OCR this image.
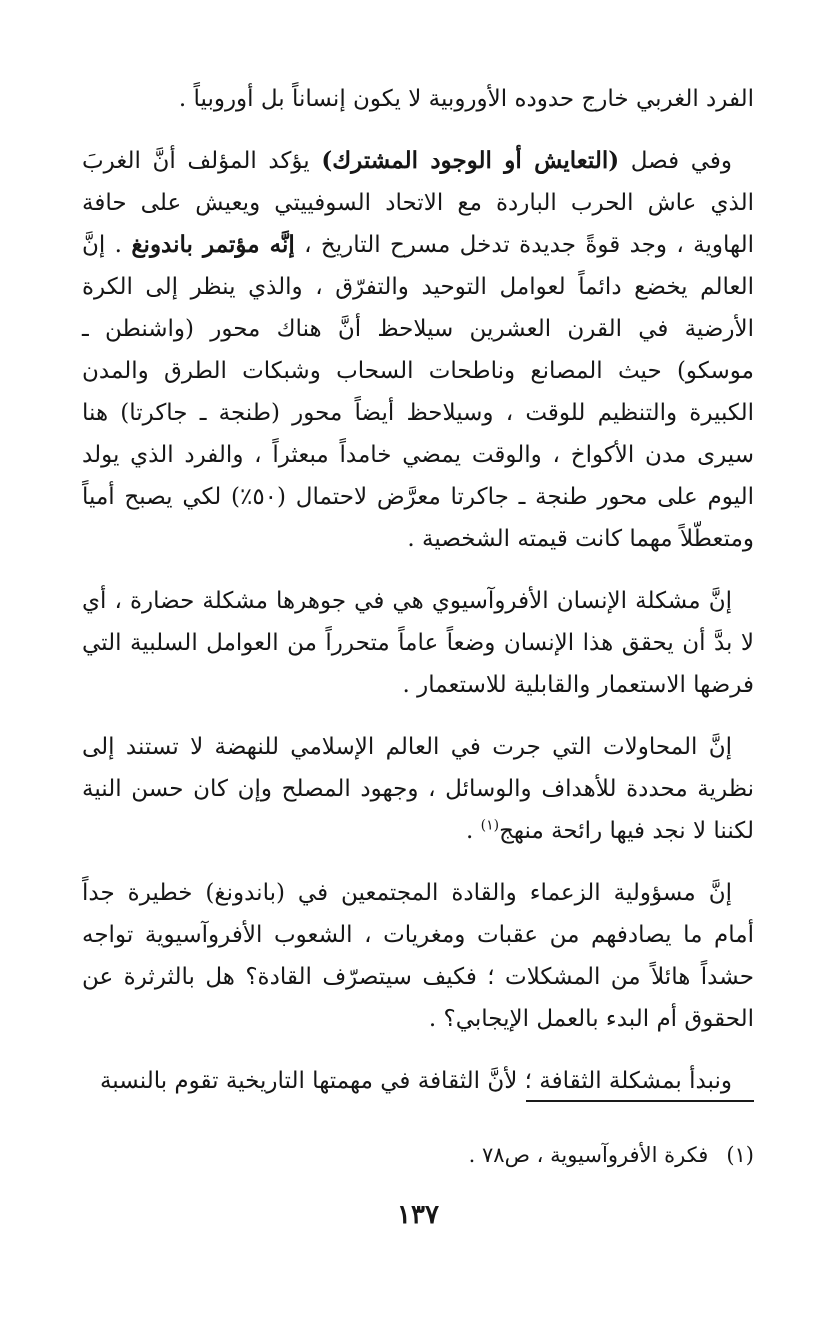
الفرد الغربي خارج حدوده الأوروبية لا يكون إنساناً بل أوروبياً .

وفي فصل (التعايش أو الوجود المشترك) يؤكد المؤلف أنَّ الغربَ الذي عاش الحرب الباردة مع الاتحاد السوفييتي ويعيش على حافة الهاوية ، وجد قوةً جديدة تدخل مسرح التاريخ ، إنَّه مؤتمر باندونغ . إنَّ العالم يخضع دائماً لعوامل التوحيد والتفرّق ، والذي ينظر إلى الكرة الأرضية في القرن العشرين سيلاحظ أنَّ هناك محور (واشنطن ـ موسكو) حيث المصانع وناطحات السحاب وشبكات الطرق والمدن الكبيرة والتنظيم للوقت ، وسيلاحظ أيضاً محور (طنجة ـ جاكرتا) هنا سيرى مدن الأكواخ ، والوقت يمضي خامداً مبعثراً ، والفرد الذي يولد اليوم على محور طنجة ـ جاكرتا معرَّض لاحتمال (٥٠٪) لكي يصبح أمياً ومتعطّلاً مهما كانت قيمته الشخصية .

إنَّ مشكلة الإنسان الأفروآسيوي هي في جوهرها مشكلة حضارة ، أي لا بدَّ أن يحقق هذا الإنسان وضعاً عاماً متحرراً من العوامل السلبية التي فرضها الاستعمار والقابلية للاستعمار .

إنَّ المحاولات التي جرت في العالم الإسلامي للنهضة لا تستند إلى نظرية محددة للأهداف والوسائل ، وجهود المصلح وإن كان حسن النية لكننا لا نجد فيها رائحة منهج$^{(١)}$ .

إنَّ مسؤولية الزعماء والقادة المجتمعين في (باندونغ) خطيرة جداً أمام ما يصادفهم من عقبات ومغريات ، الشعوب الأفروآسيوية تواجه حشداً هائلاً من المشكلات ؛ فكيف سيتصرّف القادة؟ هل بالثرثرة عن الحقوق أم البدء بالعمل الإيجابي؟ .

ونبدأ بمشكلة الثقافة ؛ لأنَّ الثقافة في مهمتها التاريخية تقوم بالنسبة

(١)فكرة الأفروآسيوية ، ص٧٨ .
١٣٧
